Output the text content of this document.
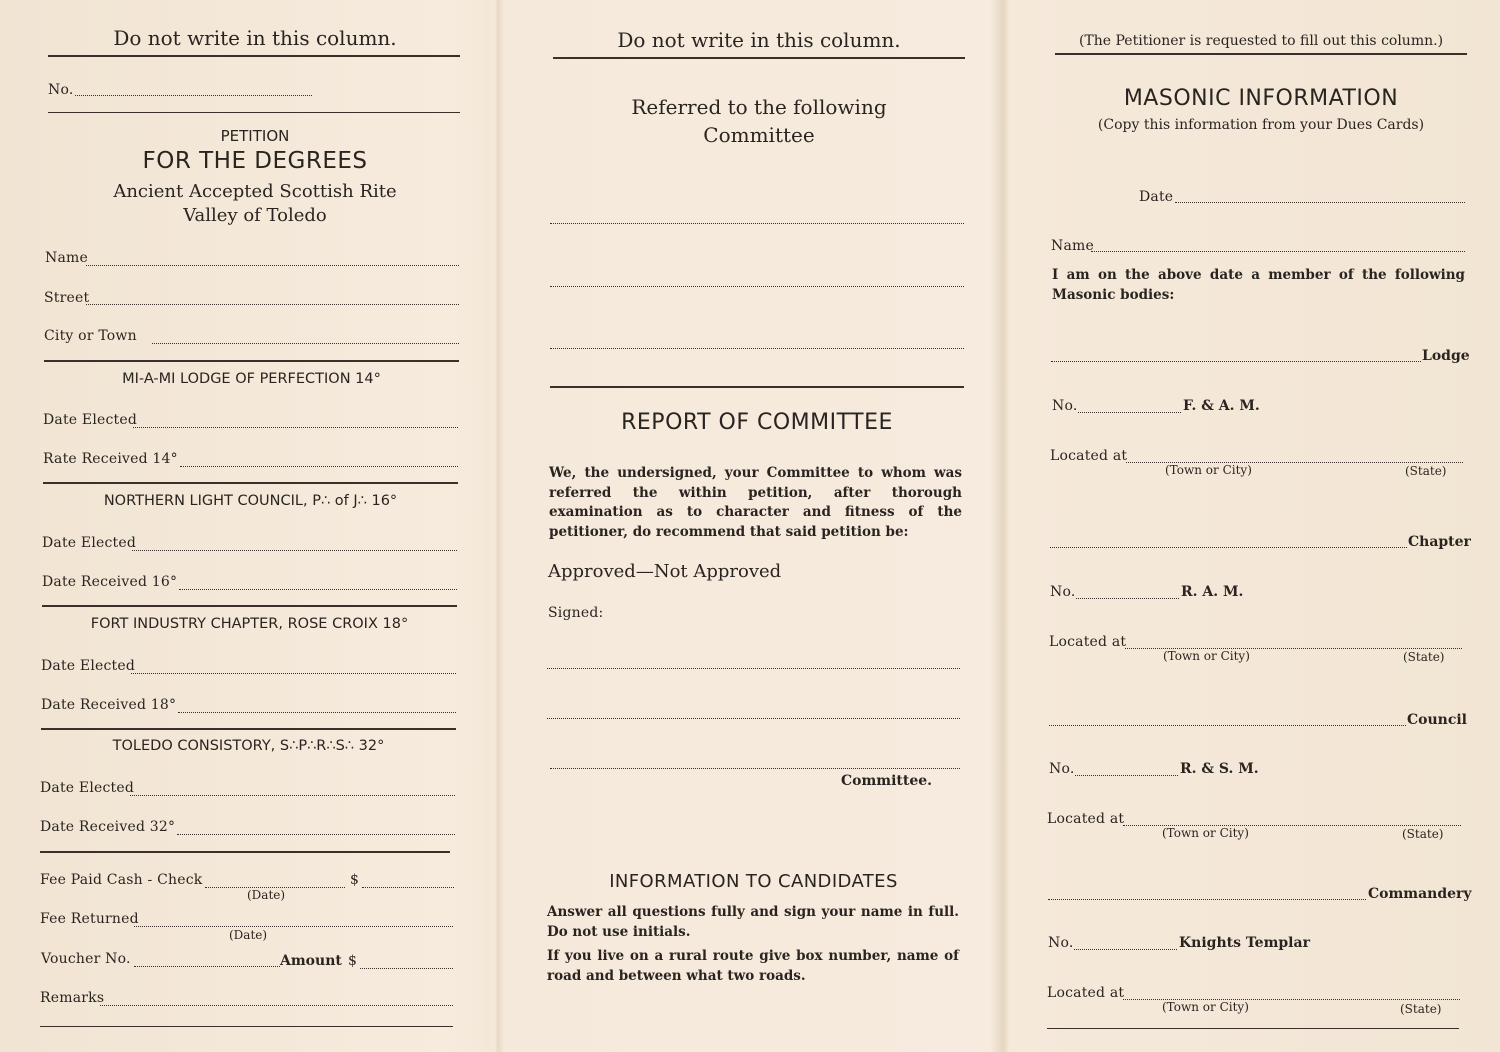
Do not write in this column.
No.
PETITION
FOR THE DEGREES
Ancient Accepted Scottish Rite
Valley of Toledo
Name
Street
City or Town
MI-A-MI LODGE OF PERFECTION 14°
Date Elected
Rate Received 14°
NORTHERN LIGHT COUNCIL, P∴ of J∴ 16°
Date Elected
Date Received 16°
FORT INDUSTRY CHAPTER, ROSE CROIX 18°
Date Elected
Date Received 18°
TOLEDO CONSISTORY, S∴P∴R∴S∴ 32°
Date Elected
Date Received 32°
Fee Paid Cash - Check	$
(Date)
Fee Returned
(Date)
Voucher No.	Amount $
Remarks
Do not write in this column.
Referred to the following
Committee
REPORT OF COMMITTEE
We, the undersigned, your Committee to whom was referred the within petition, after thorough examination as to character and fitness of the petitioner, do recommend that said petition be:
Approved—Not Approved
Signed:
Committee.
INFORMATION TO CANDIDATES
Answer all questions fully and sign your name in full. Do not use initials.
If you live on a rural route give box number, name of road and between what two roads.
(The Petitioner is requested to fill out this column.)
MASONIC INFORMATION
(Copy this information from your Dues Cards)
Date
Name
I am on the above date a member of the following Masonic bodies:
Lodge
No.	F. & A. M.
Located at
(Town or City)	(State)
Chapter
No.	R. A. M.
Located at
(Town or City)	(State)
Council
No.	R. & S. M.
Located at
(Town or City)	(State)
Commandery
No.	Knights Templar
Located at
(Town or City)	(State)
